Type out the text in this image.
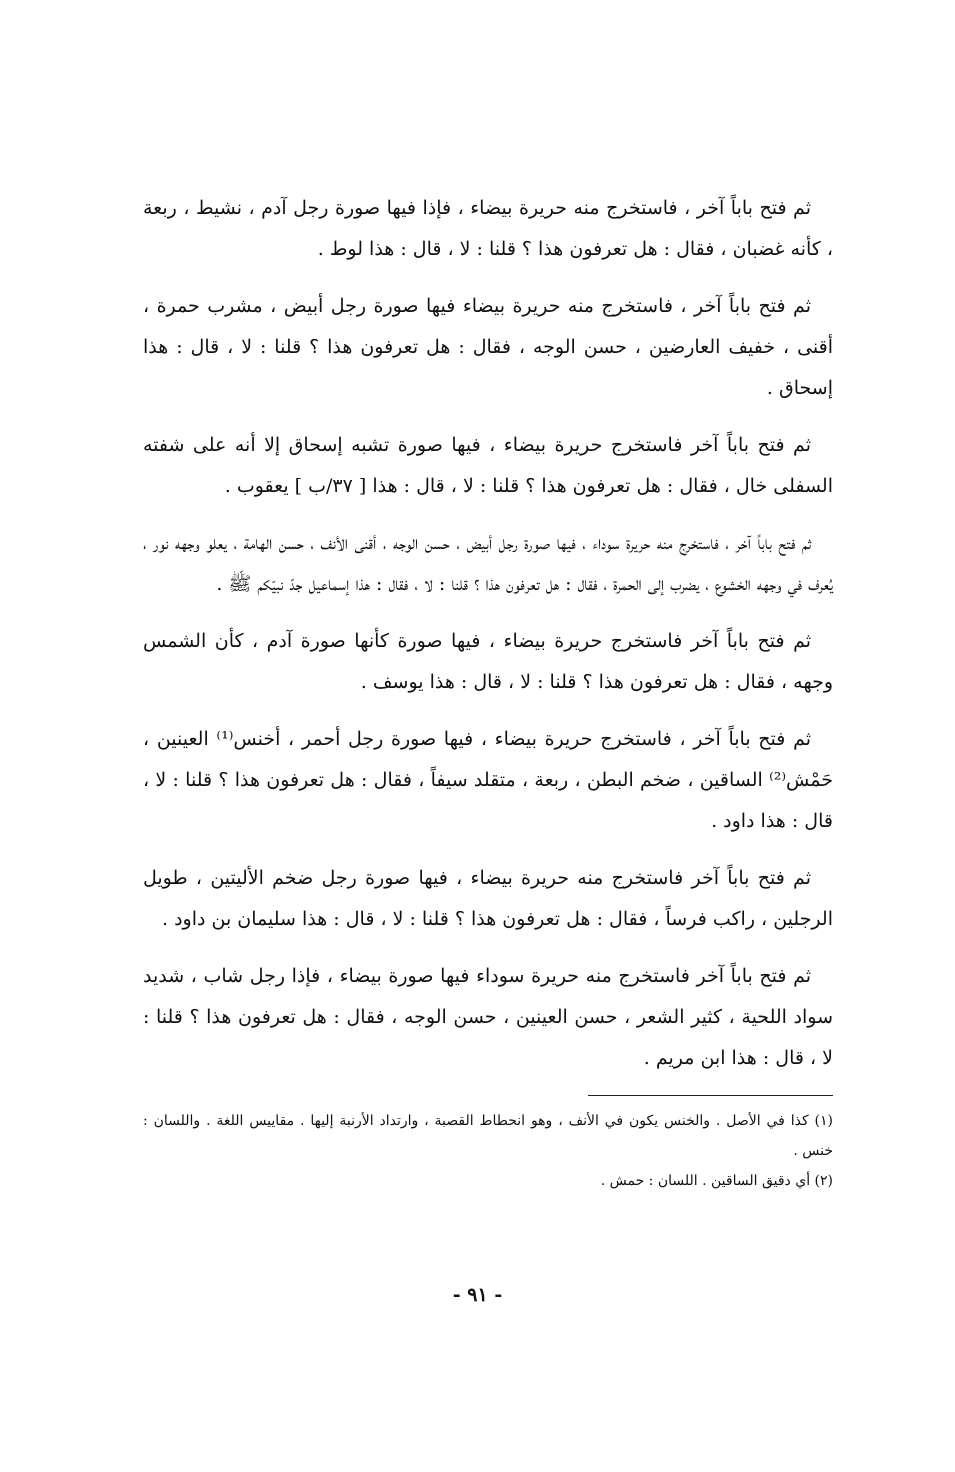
ثم فتح باباً آخر ، فاستخرج منه حريرة بيضاء ، فإذا فيها صورة رجل آدم ، نشيط ، ربعة ، كأنه غضبان ، فقال : هل تعرفون هذا ؟ قلنا : لا ، قال : هذا لوط .

ثم فتح باباً آخر ، فاستخرج منه حريرة بيضاء فيها صورة رجل أبيض ، مشرب حمرة ، أقنى ، خفيف العارضين ، حسن الوجه ، فقال : هل تعرفون هذا ؟ قلنا : لا ، قال : هذا إسحاق .

ثم فتح باباً آخر فاستخرج حريرة بيضاء ، فيها صورة تشبه إسحاق إلا أنه على شفته السفلى خال ، فقال : هل تعرفون هذا ؟ قلنا : لا ، قال : هذا [ ٣٧/ب ] يعقوب .

ثم فتح باباً آخر ، فاستخرج منه حريرة سوداء ، فيها صورة رجل أبيض ، حسن الوجه ، أقنى الأنف ، حسن الهامة ، يعلو وجهه نور ، يُعرف في وجهه الخشوع ، يضرب إلى الحمرة ، فقال : هل تعرفون هذا ؟ قلنا : لا ، فقال : هذا إسماعيل جدّ نبيّكم ﷺ .

ثم فتح باباً آخر فاستخرج حريرة بيضاء ، فيها صورة كأنها صورة آدم ، كأن الشمس وجهه ، فقال : هل تعرفون هذا ؟ قلنا : لا ، قال : هذا يوسف .

ثم فتح باباً آخر ، فاستخرج حريرة بيضاء ، فيها صورة رجل أحمر ، أخنس⁽¹⁾ العينين ، حَمْش⁽²⁾ الساقين ، ضخم البطن ، ربعة ، متقلد سيفاً ، فقال : هل تعرفون هذا ؟ قلنا : لا ، قال : هذا داود .

ثم فتح باباً آخر فاستخرج منه حريرة بيضاء ، فيها صورة رجل ضخم الأليتين ، طويل الرجلين ، راكب فرساً ، فقال : هل تعرفون هذا ؟ قلنا : لا ، قال : هذا سليمان بن داود .

ثم فتح باباً آخر فاستخرج منه حريرة سوداء فيها صورة بيضاء ، فإذا رجل شاب ، شديد سواد اللحية ، كثير الشعر ، حسن العينين ، حسن الوجه ، فقال : هل تعرفون هذا ؟ قلنا : لا ، قال : هذا ابن مريم .

(١) كذا في الأصل . والخنس يكون في الأنف ، وهو انحطاط القصبة ، وارتداد الأرنبة إليها . مقاييس اللغة . واللسان : خنس .

(٢) أي دقيق الساقين . اللسان : حمش .

- ٩١ -
